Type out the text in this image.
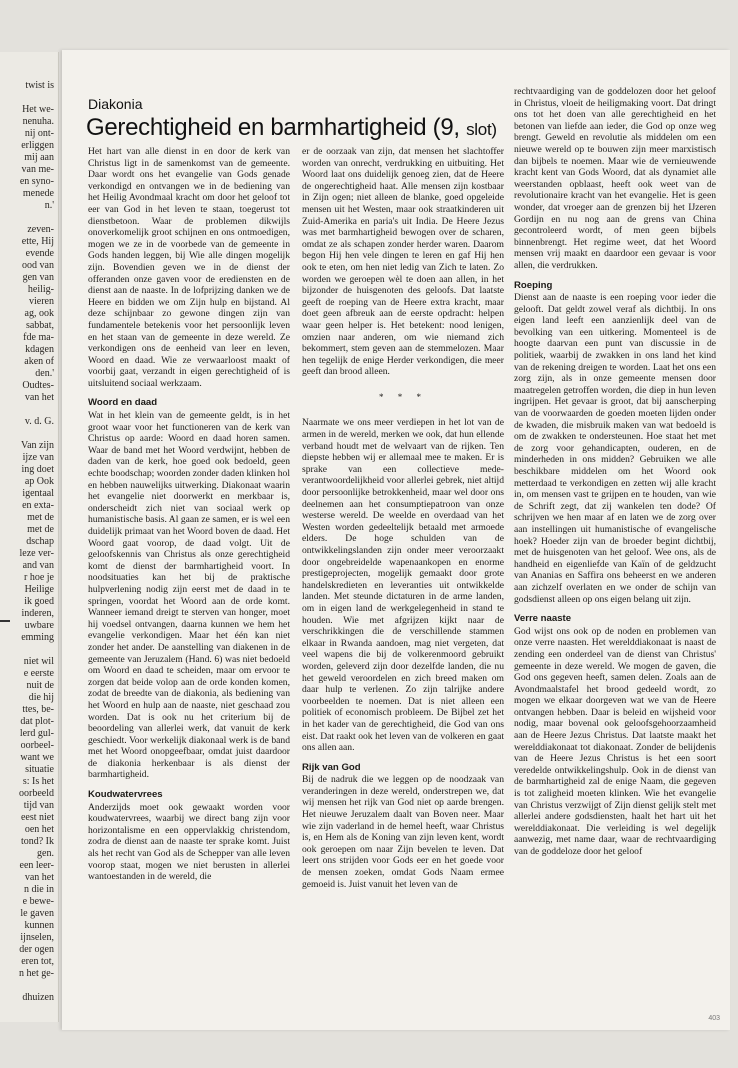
twist is
Het we-
nenuha.
nij ont-
erliggen
mij aan
van me-
en syno-
menede
n.'
zeven-
ette, Hij
evende
ood van
gen van
heilig-
vieren
ag, ook
sabbat,
fde ma-
kdagen
aken of
den.'
Oudtes-
van het
v. d. G.
Van zijn
ijze van
ing doet
ap Ook
igentaal
en exta-
met de
met de
dschap
leze ver-
and van
r hoe je
Heilige
ik goed
inderen,
uwbare
emming
niet wil
e eerste
nuit de
die hij
ttes, be-
dat plot-
lerd gul-
oorbeel-
want we
situatie
s: Is het
oorbeeld
tijd van
eest niet
oen het
tond? Ik
gen.
een leer-
van het
n die in
e bewe-
le gaven
kunnen
ijnselen,
der ogen
eren tot,
n het ge-
dhuizen
Diakonia
Gerechtigheid en barmhartigheid (9, slot)

Het hart van alle dienst in en door de kerk van Christus ligt in de samenkomst van de gemeente. Daar wordt ons het evangelie van Gods genade verkondigd en ontvangen we in de bediening van het Heilig Avondmaal kracht om door het geloof tot eer van God in het leven te staan, toegerust tot dienstbetoon. Waar de problemen dikwijls onoverkomelijk groot schijnen en ons ontmoedigen, mogen we ze in de voorbede van de gemeente in Gods handen leggen, bij Wie alle dingen mogelijk zijn. Bovendien geven we in de dienst der offeranden onze gaven voor de erediensten en de dienst aan de naaste. In de lofprijzing danken we de Heere en bidden we om Zijn hulp en bijstand. Al deze schijnbaar zo gewone dingen zijn van fundamentele betekenis voor het persoonlijk leven en het staan van de gemeente in deze wereld. Ze verkondigen ons de eenheid van leer en leven, Woord en daad. Wie ze verwaarloost maakt of voorbij gaat, verzandt in eigen gerechtigheid of is uitsluitend sociaal werkzaam.

Woord en daad

Wat in het klein van de gemeente geldt, is in het groot waar voor het functioneren van de kerk van Christus op aarde: Woord en daad horen samen. Waar de band met het Woord verdwijnt, hebben de daden van de kerk, hoe goed ook bedoeld, geen echte boodschap; woorden zonder daden klinken hol en hebben nauwelijks uitwerking. Diakonaat waarin het evangelie niet doorwerkt en merkbaar is, onderscheidt zich niet van sociaal werk op humanistische basis. Al gaan ze samen, er is wel een duidelijk primaat van het Woord boven de daad. Het Woord gaat voorop, de daad volgt. Uit de geloofskennis van Christus als onze gerechtigheid komt de dienst der barmhartigheid voort. In noodsituaties kan het bij de praktische hulpverlening nodig zijn eerst met de daad in te springen, voordat het Woord aan de orde komt. Wanneer iemand dreigt te sterven van honger, moet hij voedsel ontvangen, daarna kunnen we hem het evangelie verkondigen. Maar het één kan niet zonder het ander. De aanstelling van diakenen in de gemeente van Jeruzalem (Hand. 6) was niet bedoeld om Woord en daad te scheiden, maar om ervoor te zorgen dat beide volop aan de orde konden komen, zodat de breedte van de diakonia, als bediening van het Woord en hulp aan de naaste, niet geschaad zou worden. Dat is ook nu het criterium bij de beoordeling van allerlei werk, dat vanuit de kerk geschiedt. Voor werkelijk diakonaal werk is de band met het Woord onopgeefbaar, omdat juist daardoor de diakonia herkenbaar is als dienst der barmhartigheid.

Koudwatervrees

Anderzijds moet ook gewaakt worden voor koudwatervrees, waarbij we direct bang zijn voor horizontalisme en een oppervlakkig christendom, zodra de dienst aan de naaste ter sprake komt. Juist als het recht van God als de Schepper van alle leven voorop staat, mogen we niet berusten in allerlei wantoestanden in de wereld, die

er de oorzaak van zijn, dat mensen het slachtoffer worden van onrecht, verdrukking en uitbuiting. Het Woord laat ons duidelijk genoeg zien, dat de Heere de ongerechtigheid haat. Alle mensen zijn kostbaar in Zijn ogen; niet alleen de blanke, goed opgeleide mensen uit het Westen, maar ook straatkinderen uit Zuid-Amerika en paria's uit India. De Heere Jezus was met barmhartigheid bewogen over de scharen, omdat ze als schapen zonder herder waren. Daarom begon Hij hen vele dingen te leren en gaf Hij hen ook te eten, om hen niet ledig van Zich te laten. Zo worden we geroepen wèl te doen aan allen, in het bijzonder de huisgenoten des geloofs. Dat laatste geeft de roeping van de Heere extra kracht, maar doet geen afbreuk aan de eerste opdracht: helpen waar geen helper is. Het betekent: nood lenigen, omzien naar anderen, om wie niemand zich bekommert, stem geven aan de stemmelozen. Maar hen tegelijk de enige Herder verkondigen, die meer geeft dan brood alleen.

* * *

Naarmate we ons meer verdiepen in het lot van de armen in de wereld, merken we ook, dat hun ellende verband houdt met de welvaart van de rijken. Ten diepste hebben wij er allemaal mee te maken. Er is sprake van een collectieve mede-verantwoordelijkheid voor allerlei gebrek, niet altijd door persoonlijke betrokkenheid, maar wel door ons deelnemen aan het consumptiepatroon van onze westerse wereld. De weelde en overdaad van het Westen worden gedeeltelijk betaald met armoede elders. De hoge schulden van de ontwikkelingslanden zijn onder meer veroorzaakt door ongebreidelde wapenaankopen en enorme prestigeprojecten, mogelijk gemaakt door grote handelskredieten en leveranties uit ontwikkelde landen. Met steunde dictaturen in de arme landen, om in eigen land de werkgelegenheid in stand te houden. Wie met afgrijzen kijkt naar de verschrikkingen die de verschillende stammen elkaar in Rwanda aandoen, mag niet vergeten, dat veel wapens die bij de volkerenmoord gebruikt worden, geleverd zijn door dezelfde landen, die nu het geweld veroordelen en zich breed maken om daar hulp te verlenen. Zo zijn talrijke andere voorbeelden te noemen. Dat is niet alleen een politiek of economisch probleem. De Bijbel zet het in het kader van de gerechtigheid, die God van ons eist. Dat raakt ook het leven van de volkeren en gaat ons allen aan.

Rijk van God

Bij de nadruk die we leggen op de noodzaak van veranderingen in deze wereld, onderstrepen we, dat wij mensen het rijk van God niet op aarde brengen. Het nieuwe Jeruzalem daalt van Boven neer. Maar wie zijn vaderland in de hemel heeft, waar Christus is, en Hem als de Koning van zijn leven kent, wordt ook geroepen om naar Zijn bevelen te leven. Dat leert ons strijden voor Gods eer en het goede voor de mensen zoeken, omdat Gods Naam ermee gemoeid is. Juist vanuit het leven van de

rechtvaardiging van de goddelozen door het geloof in Christus, vloeit de heiligmaking voort. Dat dringt ons tot het doen van alle gerechtigheid en het betonen van liefde aan ieder, die God op onze weg brengt. Geweld en revolutie als middelen om een nieuwe wereld op te bouwen zijn meer marxistisch dan bijbels te noemen. Maar wie de vernieuwende kracht kent van Gods Woord, dat als dynamiet alle weerstanden opblaast, heeft ook weet van de revolutionaire kracht van het evangelie. Het is geen wonder, dat vroeger aan de grenzen bij het IJzeren Gordijn en nu nog aan de grens van China gecontroleerd wordt, of men geen bijbels binnenbrengt. Het regime weet, dat het Woord mensen vrij maakt en daardoor een gevaar is voor allen, die verdrukken.

Roeping

Dienst aan de naaste is een roeping voor ieder die gelooft. Dat geldt zowel veraf als dichtbij. In ons eigen land leeft een aanzienlijk deel van de bevolking van een uitkering. Momenteel is de hoogte daarvan een punt van discussie in de politiek, waarbij de zwakken in ons land het kind van de rekening dreigen te worden. Laat het ons een zorg zijn, als in onze gemeente mensen door maatregelen getroffen worden, die diep in hun leven ingrijpen. Het gevaar is groot, dat bij aanscherping van de voorwaarden de goeden moeten lijden onder de kwaden, die misbruik maken van wat bedoeld is om de zwakken te ondersteunen. Hoe staat het met de zorg voor gehandicapten, ouderen, en de minderheden in ons midden? Gebruiken we alle beschikbare middelen om het Woord ook metterdaad te verkondigen en zetten wij alle kracht in, om mensen vast te grijpen en te houden, van wie de Schrift zegt, dat zij wankelen ten dode? Of schrijven we hen maar af en laten we de zorg over aan instellingen uit humanistische of evangelische hoek? Hoeder zijn van de broeder begint dichtbij, met de huisgenoten van het geloof. Wee ons, als de handheid en eigenliefde van Kaïn of de geldzucht van Ananias en Saffira ons beheerst en we anderen aan zichzelf overlaten en we onder de schijn van godsdienst alleen op ons eigen belang uit zijn.

Verre naaste

God wijst ons ook op de noden en problemen van onze verre naasten. Het werelddiakonaat is naast de zending een onderdeel van de dienst van Christus' gemeente in deze wereld. We mogen de gaven, die God ons gegeven heeft, samen delen. Zoals aan de Avondmaalstafel het brood gedeeld wordt, zo mogen we elkaar doorgeven wat we van de Heere ontvangen hebben. Daar is beleid en wijsheid voor nodig, maar bovenal ook geloofsgehoorzaamheid aan de Heere Jezus Christus. Dat laatste maakt het werelddiakonaat tot diakonaat. Zonder de belijdenis van de Heere Jezus Christus is het een soort veredelde ontwikkelingshulp. Ook in de dienst van de barmhartigheid zal de enige Naam, die gegeven is tot zaligheid moeten klinken. Wie het evangelie van Christus verzwijgt of Zijn dienst gelijk stelt met allerlei andere godsdiensten, haalt het hart uit het werelddiakonaat. Die verleiding is wel degelijk aanwezig, met name daar, waar de rechtvaardiging van de goddeloze door het geloof

403
